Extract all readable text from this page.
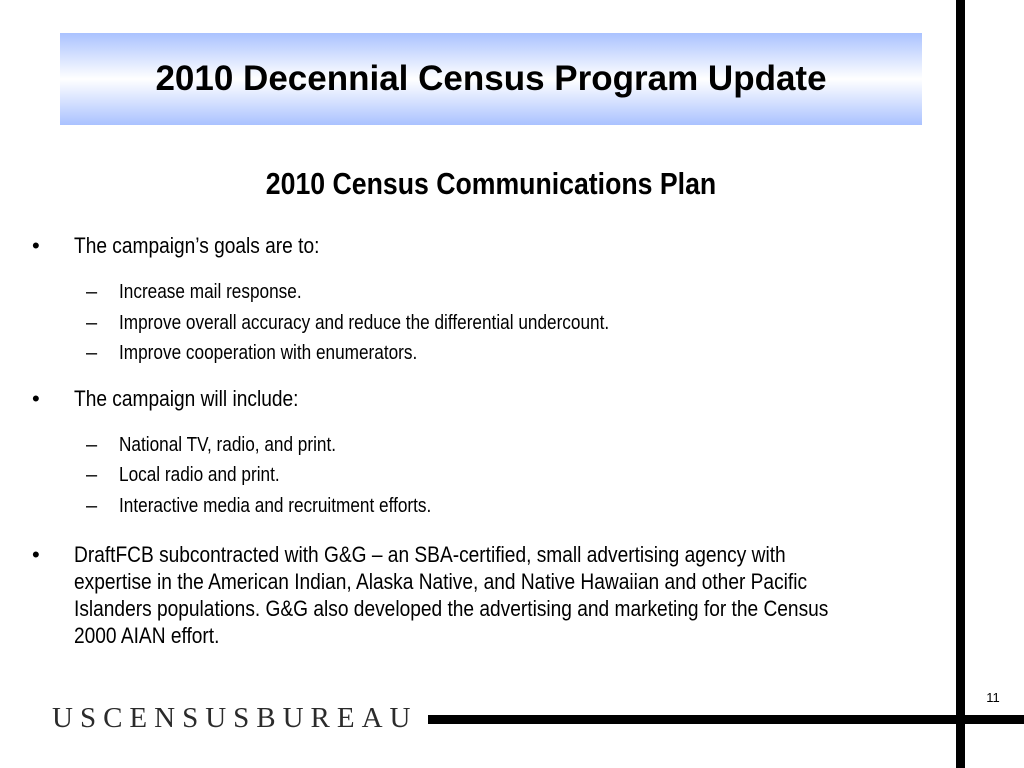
2010 Decennial Census Program Update
2010 Census Communications Plan
•	The campaign’s goals are to:
–	Increase mail response.
–	Improve overall accuracy and reduce the differential undercount.
–	Improve cooperation with enumerators.
•	The campaign will include:
–	National TV, radio, and print.
–	Local radio and print.
–	Interactive media and recruitment efforts.
•	DraftFCB subcontracted with G&G – an SBA-certified, small advertising agency with expertise in the American Indian, Alaska Native, and Native Hawaiian and other Pacific Islanders populations. G&G also developed the advertising and marketing for the Census 2000 AIAN effort.
11
USCENSUSBUREAU
